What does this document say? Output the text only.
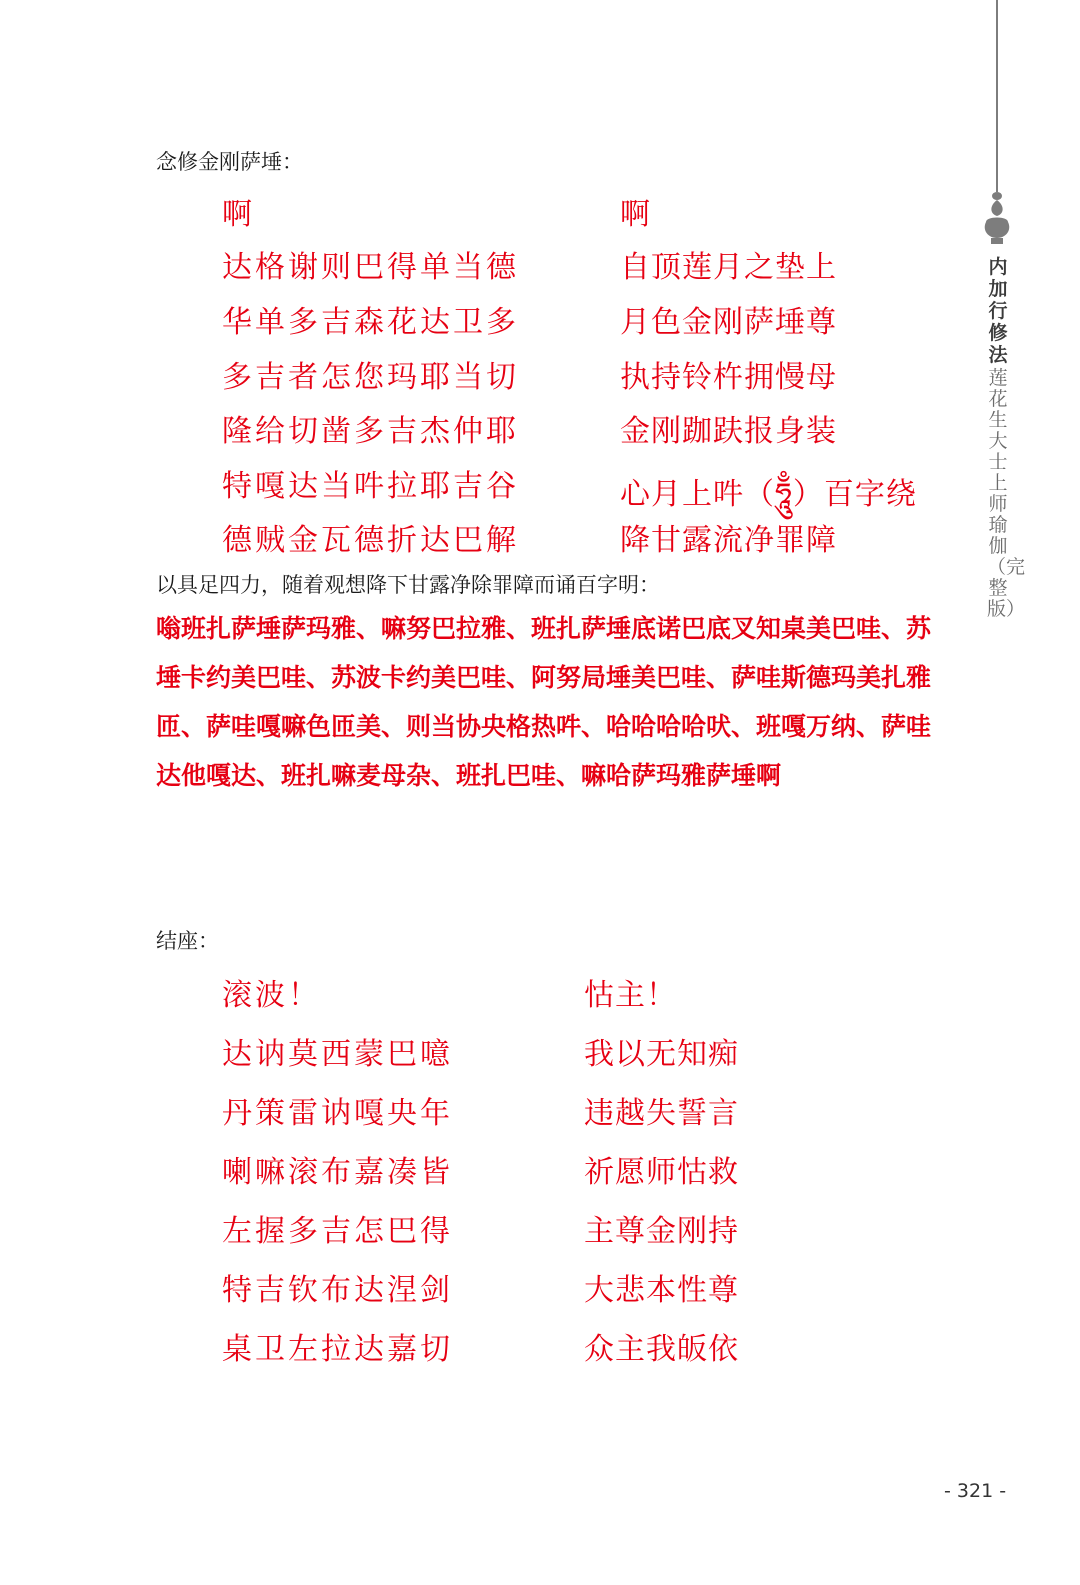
内加行修法
莲花生大士上师瑜伽（完整版）
念修金刚萨埵：
啊
达格谢则巴得单当德
华单多吉森花达卫多
多吉者怎您玛耶当切
隆给切凿多吉杰仲耶
特嘎达当吽拉耶吉谷
德贼金瓦德折达巴解
啊
自顶莲月之垫上
月色金刚萨埵尊
执持铃杵拥慢母
金刚跏趺报身装
心月上吽（ཧཱུྃ）百字绕
降甘露流净罪障
以具足四力，随着观想降下甘露净除罪障而诵百字明：
嗡班扎萨埵萨玛雅、嘛努巴拉雅、班扎萨埵底诺巴底叉知桌美巴哇、苏埵卡约美巴哇、苏波卡约美巴哇、阿努局埵美巴哇、萨哇斯德玛美扎雅匝、萨哇嘎嘛色匝美、则当协央格热吽、哈哈哈哈吠、班嘎万纳、萨哇达他嘎达、班扎嘛麦母杂、班扎巴哇、嘛哈萨玛雅萨埵啊
结座：
滚波！
达讷莫西蒙巴噫
丹策雷讷嘎央年
喇嘛滚布嘉凑皆
左握多吉怎巴得
特吉钦布达涅剑
桌卫左拉达嘉切
怙主！
我以无知痴
违越失誓言
祈愿师怙救
主尊金刚持
大悲本性尊
众主我皈依
- 321 -
